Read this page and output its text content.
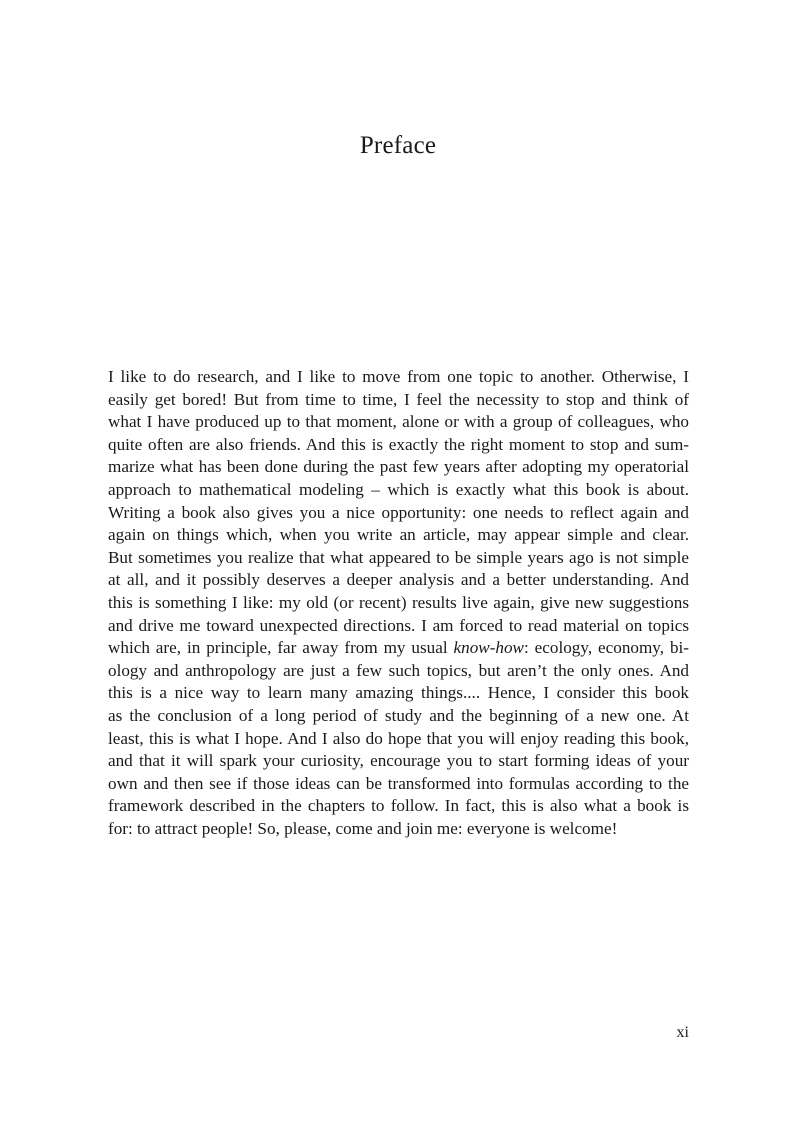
Preface
I like to do research, and I like to move from one topic to another. Otherwise, I
easily get bored! But from time to time, I feel the necessity to stop and think of
what I have produced up to that moment, alone or with a group of colleagues, who
quite often are also friends. And this is exactly the right moment to stop and sum-
marize what has been done during the past few years after adopting my operatorial
approach to mathematical modeling – which is exactly what this book is about.
Writing a book also gives you a nice opportunity: one needs to reflect again and
again on things which, when you write an article, may appear simple and clear.
But sometimes you realize that what appeared to be simple years ago is not simple
at all, and it possibly deserves a deeper analysis and a better understanding. And
this is something I like: my old (or recent) results live again, give new suggestions
and drive me toward unexpected directions. I am forced to read material on topics
which are, in principle, far away from my usual know-how: ecology, economy, bi-
ology and anthropology are just a few such topics, but aren’t the only ones. And
this is a nice way to learn many amazing things.... Hence, I consider this book
as the conclusion of a long period of study and the beginning of a new one. At
least, this is what I hope. And I also do hope that you will enjoy reading this book,
and that it will spark your curiosity, encourage you to start forming ideas of your
own and then see if those ideas can be transformed into formulas according to the
framework described in the chapters to follow. In fact, this is also what a book is
for: to attract people! So, please, come and join me: everyone is welcome!
xi
